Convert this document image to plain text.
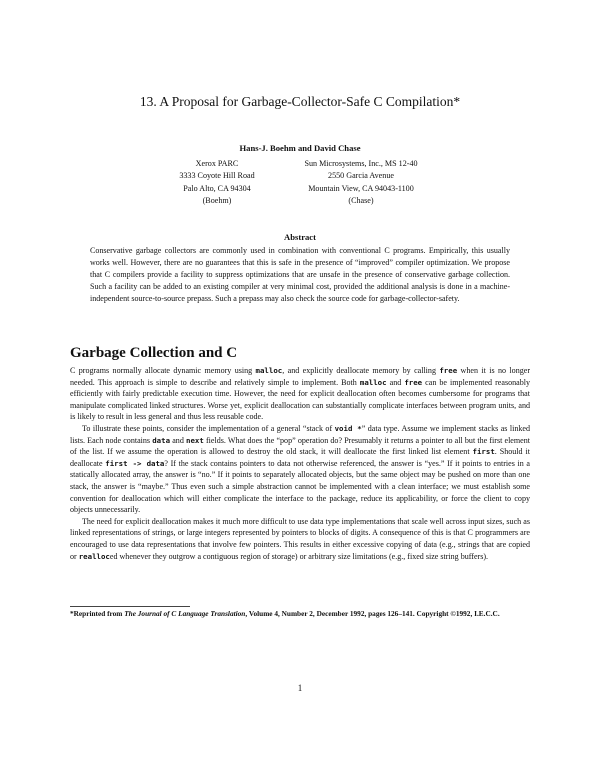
13. A Proposal for Garbage-Collector-Safe C Compilation*
Hans-J. Boehm and David Chase
Xerox PARC
3333 Coyote Hill Road
Palo Alto, CA 94304
(Boehm)
Sun Microsystems, Inc., MS 12-40
2550 Garcia Avenue
Mountain View, CA 94043-1100
(Chase)
Abstract
Conservative garbage collectors are commonly used in combination with conventional C programs. Empirically, this usually works well. However, there are no guarantees that this is safe in the presence of “improved” compiler optimization. We propose that C compilers provide a facility to suppress optimizations that are unsafe in the presence of conservative garbage collection. Such a facility can be added to an existing compiler at very minimal cost, provided the additional analysis is done in a machine-independent source-to-source prepass. Such a prepass may also check the source code for garbage-collector-safety.
Garbage Collection and C

C programs normally allocate dynamic memory using malloc, and explicitly deallocate memory by calling free when it is no longer needed. This approach is simple to describe and relatively simple to implement. Both malloc and free can be implemented reasonably efficiently with fairly predictable execution time. However, the need for explicit deallocation often becomes cumbersome for programs that manipulate complicated linked structures. Worse yet, explicit deallocation can substantially complicate interfaces between program units, and is likely to result in less general and thus less reusable code.

To illustrate these points, consider the implementation of a general “stack of void *” data type. Assume we implement stacks as linked lists. Each node contains data and next fields. What does the “pop” operation do? Presumably it returns a pointer to all but the first element of the list. If we assume the operation is allowed to destroy the old stack, it will deallocate the first linked list element first. Should it deallocate first -> data? If the stack contains pointers to data not otherwise referenced, the answer is “yes.” If it points to entries in a statically allocated array, the answer is “no.” If it points to separately allocated objects, but the same object may be pushed on more than one stack, the answer is “maybe.” Thus even such a simple abstraction cannot be implemented with a clean interface; we must establish some convention for deallocation which will either complicate the interface to the package, reduce its applicability, or force the client to copy objects unnecessarily.

The need for explicit deallocation makes it much more difficult to use data type implementations that scale well across input sizes, such as linked representations of strings, or large integers represented by pointers to blocks of digits. A consequence of this is that C programmers are encouraged to use data representations that involve few pointers. This results in either excessive copying of data (e.g., strings that are copied or realloced whenever they outgrow a contiguous region of storage) or arbitrary size limitations (e.g., fixed size string buffers).

*Reprinted from The Journal of C Language Translation, Volume 4, Number 2, December 1992, pages 126–141. Copyright ©1992, I.E.C.C.
1
